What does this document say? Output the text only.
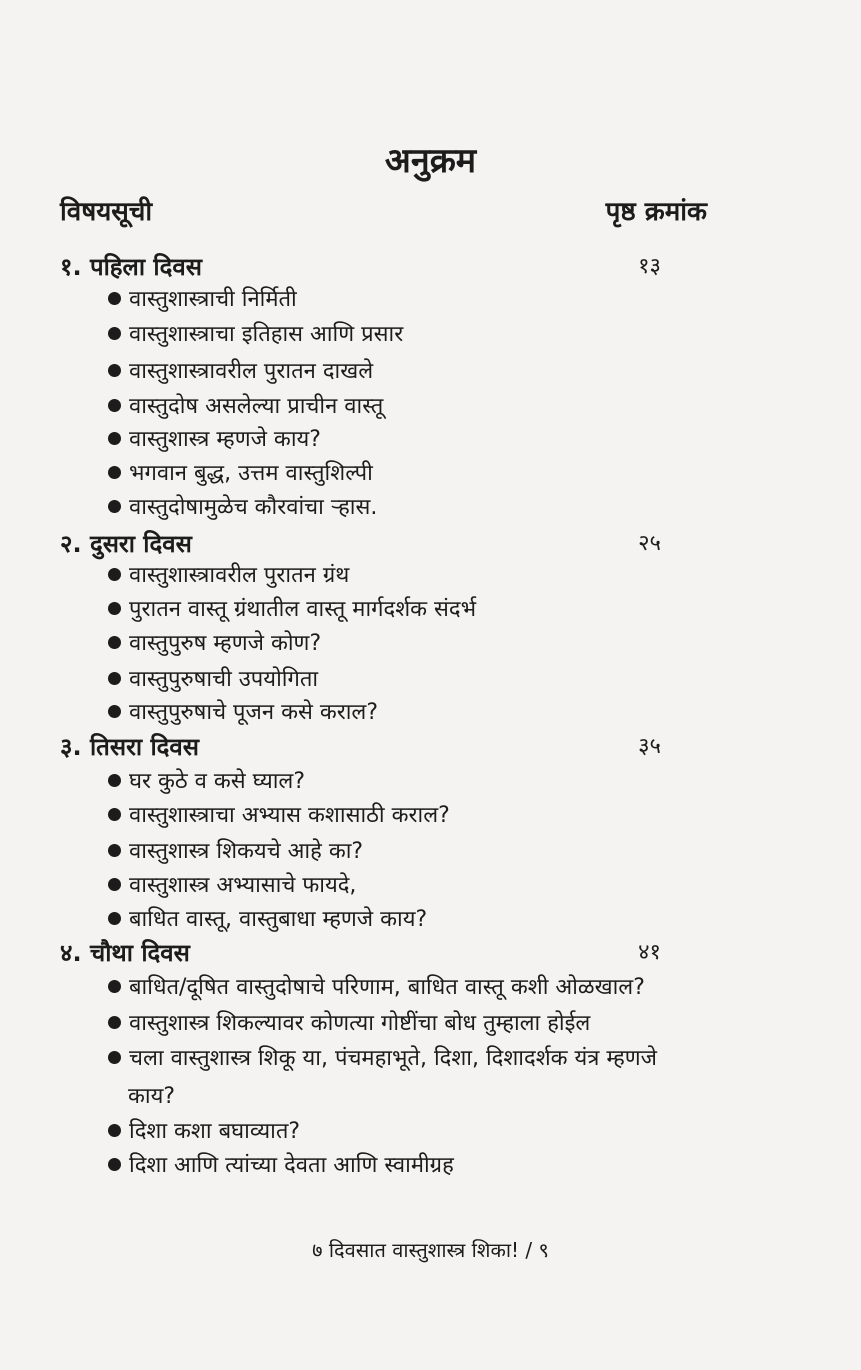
अनुक्रम
विषयसूची	पृष्ठ क्रमांक
१. पहिला दिवस	१३
वास्तुशास्त्राची निर्मिती
वास्तुशास्त्राचा इतिहास आणि प्रसार
वास्तुशास्त्रावरील पुरातन दाखले
वास्तुदोष असलेल्या प्राचीन वास्तू
वास्तुशास्त्र म्हणजे काय?
भगवान बुद्ध, उत्तम वास्तुशिल्पी
वास्तुदोषामुळेच कौरवांचा ऱ्हास.
२. दुसरा दिवस	२५
वास्तुशास्त्रावरील पुरातन ग्रंथ
पुरातन वास्तू ग्रंथातील वास्तू मार्गदर्शक संदर्भ
वास्तुपुरुष म्हणजे कोण?
वास्तुपुरुषाची उपयोगिता
वास्तुपुरुषाचे पूजन कसे कराल?
३. तिसरा दिवस	३५
घर कुठे व कसे घ्याल?
वास्तुशास्त्राचा अभ्यास कशासाठी कराल?
वास्तुशास्त्र शिकयचे आहे का?
वास्तुशास्त्र अभ्यासाचे फायदे,
बाधित वास्तू, वास्तुबाधा म्हणजे काय?
४. चौथा दिवस	४१
बाधित/दूषित वास्तुदोषाचे परिणाम, बाधित वास्तू कशी ओळखाल?
वास्तुशास्त्र शिकल्यावर कोणत्या गोष्टींचा बोध तुम्हाला होईल
चला वास्तुशास्त्र शिकू या, पंचमहाभूते, दिशा, दिशादर्शक यंत्र म्हणजे
काय?
दिशा कशा बघाव्यात?
दिशा आणि त्यांच्या देवता आणि स्वामीग्रह
७ दिवसात वास्तुशास्त्र शिका! / ९
